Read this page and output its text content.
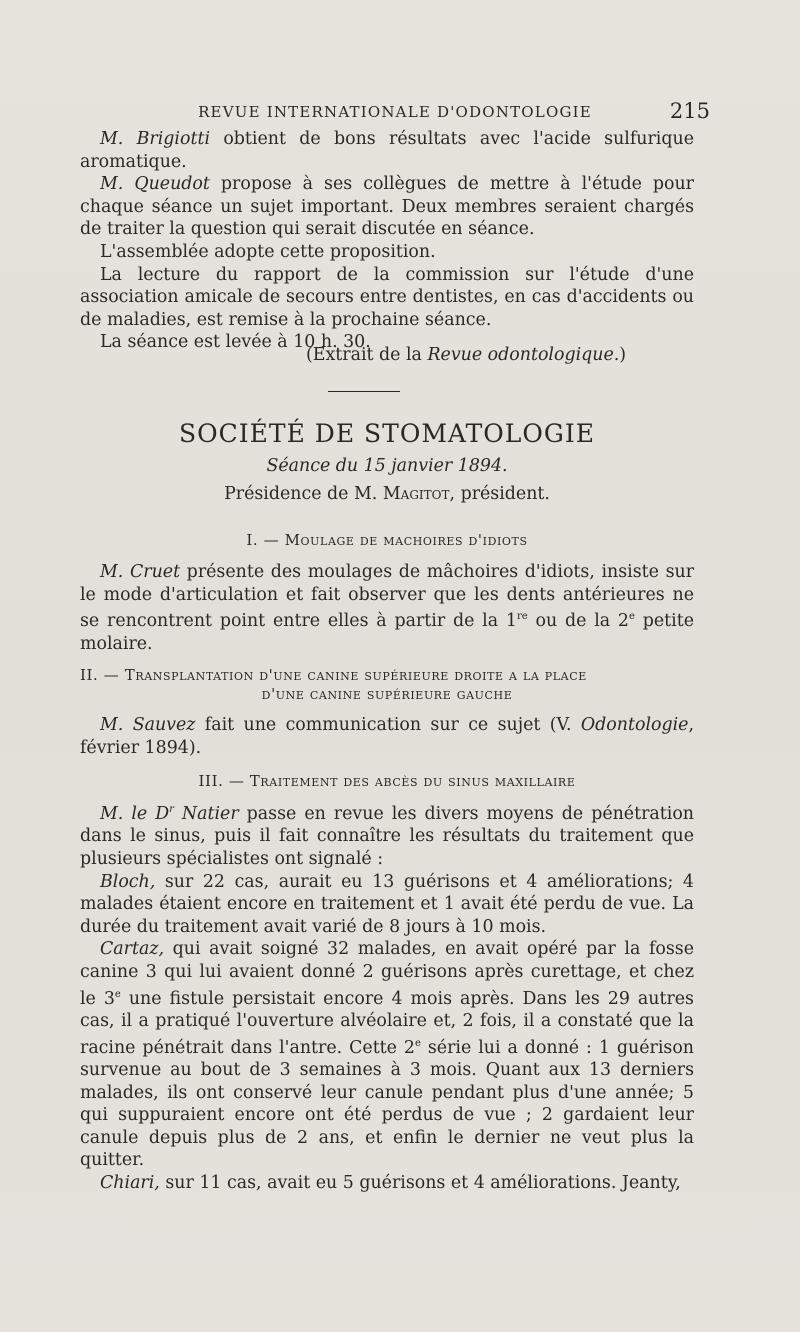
REVUE INTERNATIONALE D'ODONTOLOGIE	215

M. Brigiotti obtient de bons résultats avec l'acide sulfurique aromatique.

M. Queudot propose à ses collègues de mettre à l'étude pour chaque séance un sujet important. Deux membres seraient chargés de traiter la question qui serait discutée en séance.

L'assemblée adopte cette proposition.

La lecture du rapport de la commission sur l'étude d'une association amicale de secours entre dentistes, en cas d'accidents ou de maladies, est remise à la prochaine séance.

La séance est levée à 10 h. 30.

(Extrait de la Revue odontologique.)
SOCIÉTÉ DE STOMATOLOGIE
Séance du 15 janvier 1894.
Présidence de M. Magitot, président.
I. — Moulage de machoires d'idiots

M. Cruet présente des moulages de mâchoires d'idiots, insiste sur le mode d'articulation et fait observer que les dents antérieures ne se rencontrent point entre elles à partir de la 1re ou de la 2e petite molaire.

II. — Transplantation d'une canine supérieure droite a la place
d'une canine supérieure gauche

M. Sauvez fait une communication sur ce sujet (V. Odontologie, février 1894).

III. — Traitement des abcès du sinus maxillaire

M. le $D^r$ Natier passe en revue les divers moyens de pénétration dans le sinus, puis il fait connaître les résultats du traitement que plusieurs spécialistes ont signalé :

Bloch, sur 22 cas, aurait eu 13 guérisons et 4 améliorations; 4 malades étaient encore en traitement et 1 avait été perdu de vue. La durée du traitement avait varié de 8 jours à 10 mois.

Cartaz, qui avait soigné 32 malades, en avait opéré par la fosse canine 3 qui lui avaient donné 2 guérisons après curettage, et chez le 3e une fistule persistait encore 4 mois après. Dans les 29 autres cas, il a pratiqué l'ouverture alvéolaire et, 2 fois, il a constaté que la racine pénétrait dans l'antre. Cette 2e série lui a donné : 1 guérison survenue au bout de 3 semaines à 3 mois. Quant aux 13 derniers malades, ils ont conservé leur canule pendant plus d'une année; 5 qui suppuraient encore ont été perdus de vue ; 2 gardaient leur canule depuis plus de 2 ans, et enfin le dernier ne veut plus la quitter.

Chiari, sur 11 cas, avait eu 5 guérisons et 4 améliorations. Jeanty,
